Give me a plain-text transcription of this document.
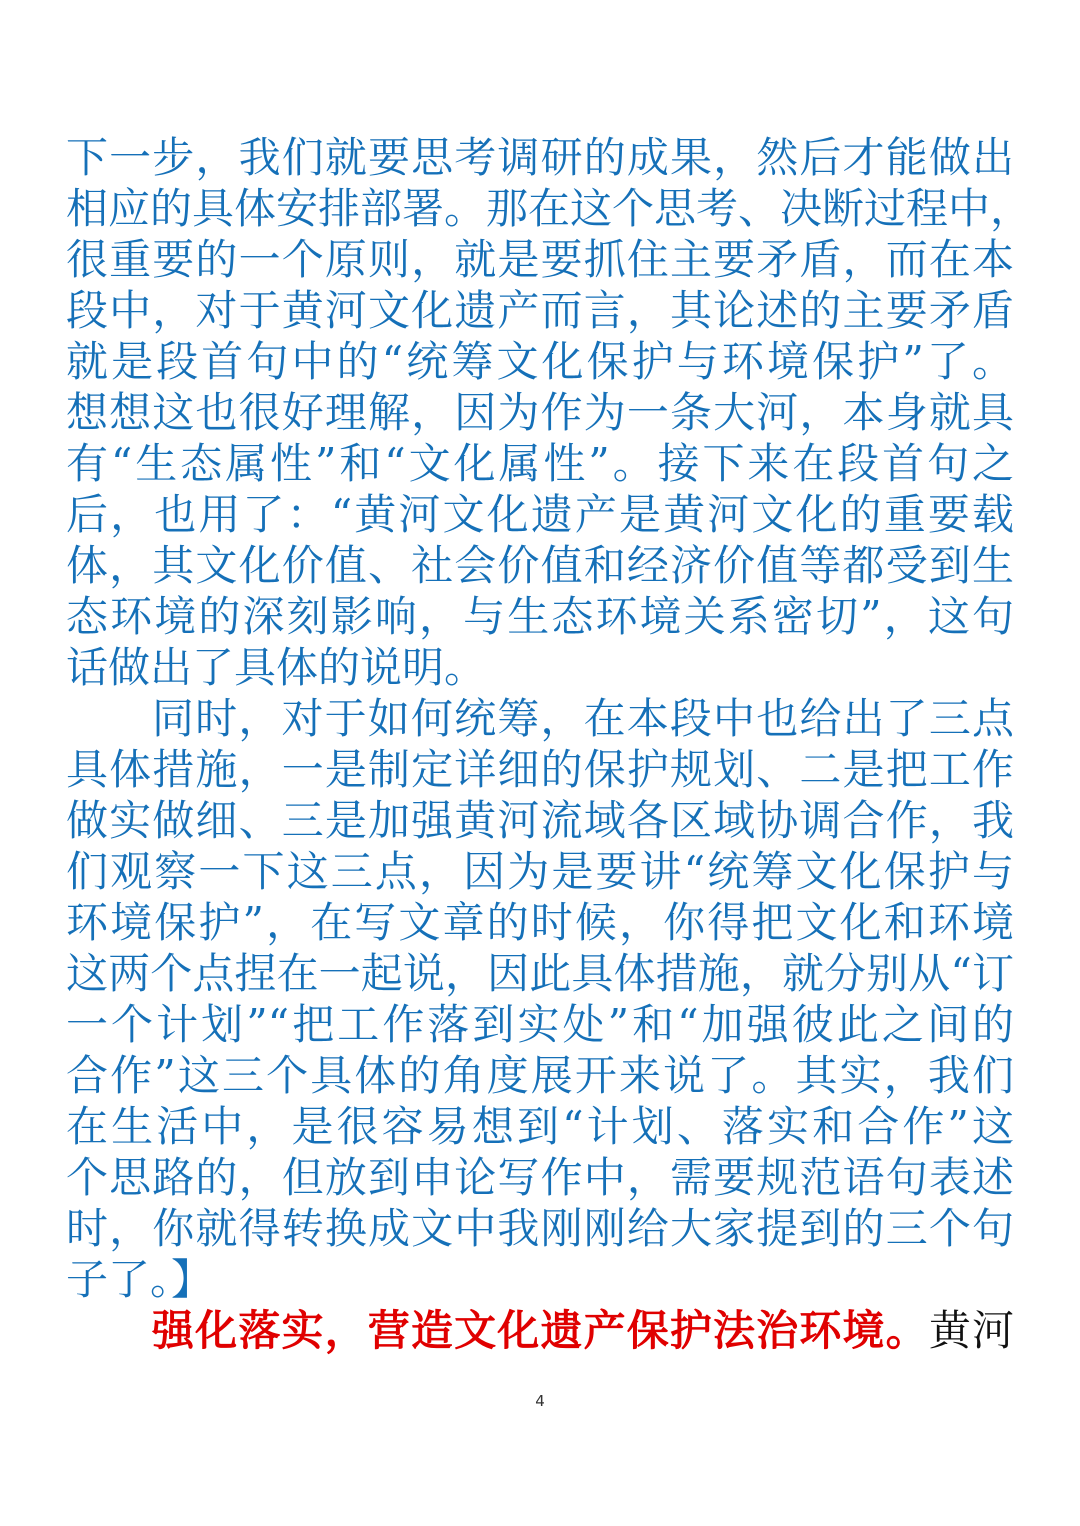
下一步，我们就要思考调研的成果，然后才能做出
相应的具体安排部署。那在这个思考、决断过程中，
很重要的一个原则，就是要抓住主要矛盾，而在本
段中，对于黄河文化遗产而言，其论述的主要矛盾
就是段首句中的“统筹文化保护与环境保护”了。
想想这也很好理解，因为作为一条大河，本身就具
有“生态属性”和“文化属性”。接下来在段首句之
后，也用了：“黄河文化遗产是黄河文化的重要载
体，其文化价值、社会价值和经济价值等都受到生
态环境的深刻影响，与生态环境关系密切”，这句
话做出了具体的说明。
同时，对于如何统筹，在本段中也给出了三点
具体措施，一是制定详细的保护规划、二是把工作
做实做细、三是加强黄河流域各区域协调合作，我
们观察一下这三点，因为是要讲“统筹文化保护与
环境保护”，在写文章的时候，你得把文化和环境
这两个点捏在一起说，因此具体措施，就分别从“订
一个计划”“把工作落到实处”和“加强彼此之间的
合作”这三个具体的角度展开来说了。其实，我们
在生活中，是很容易想到“计划、落实和合作”这
个思路的，但放到申论写作中，需要规范语句表述
时，你就得转换成文中我刚刚给大家提到的三个句
子了。】
强化落实，营造文化遗产保护法治环境。黄河
4
